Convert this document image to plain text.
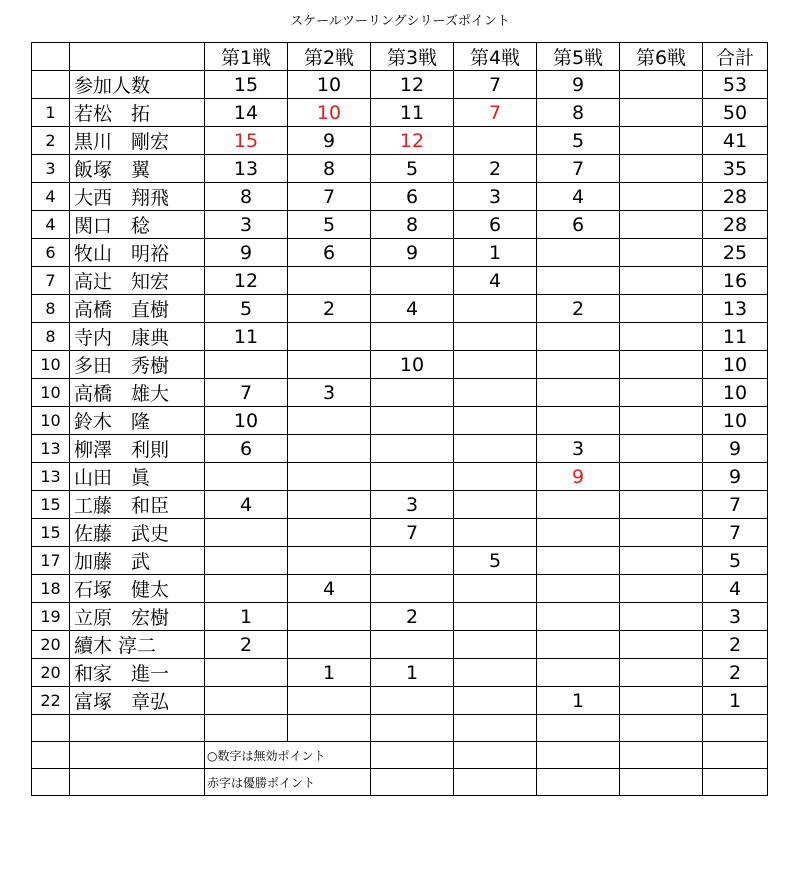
スケールツーリングシリーズポイント
		第1戦	第2戦	第3戦	第4戦	第5戦	第6戦	合計
	参加人数	15	10	12	7	9		53
1	若松　拓	14	10	11	7	8		50
2	黒川　剛宏	15	9	12		5		41
3	飯塚　翼	13	8	5	2	7		35
4	大西　翔飛	8	7	6	3	4		28
4	関口　稔	3	5	8	6	6		28
6	牧山　明裕	9	6	9	1			25
7	高辻　知宏	12			4			16
8	高橋　直樹	5	2	4		2		13
8	寺内　康典	11						11
10	多田　秀樹			10				10
10	高橋　雄大	7	3					10
10	鈴木　隆	10						10
13	柳澤　利則	6				3		9
13	山田　眞					9		9
15	工藤　和臣	4		3				7
15	佐藤　武史			7				7
17	加藤　武				5			5
18	石塚　健太		4					4
19	立原　宏樹	1		2				3
20	續木 淳二	2						2
20	和家　進一		1	1				2
22	富塚　章弘					1		1

		○数字は無効ポイント						
		赤字は優勝ポイント						
